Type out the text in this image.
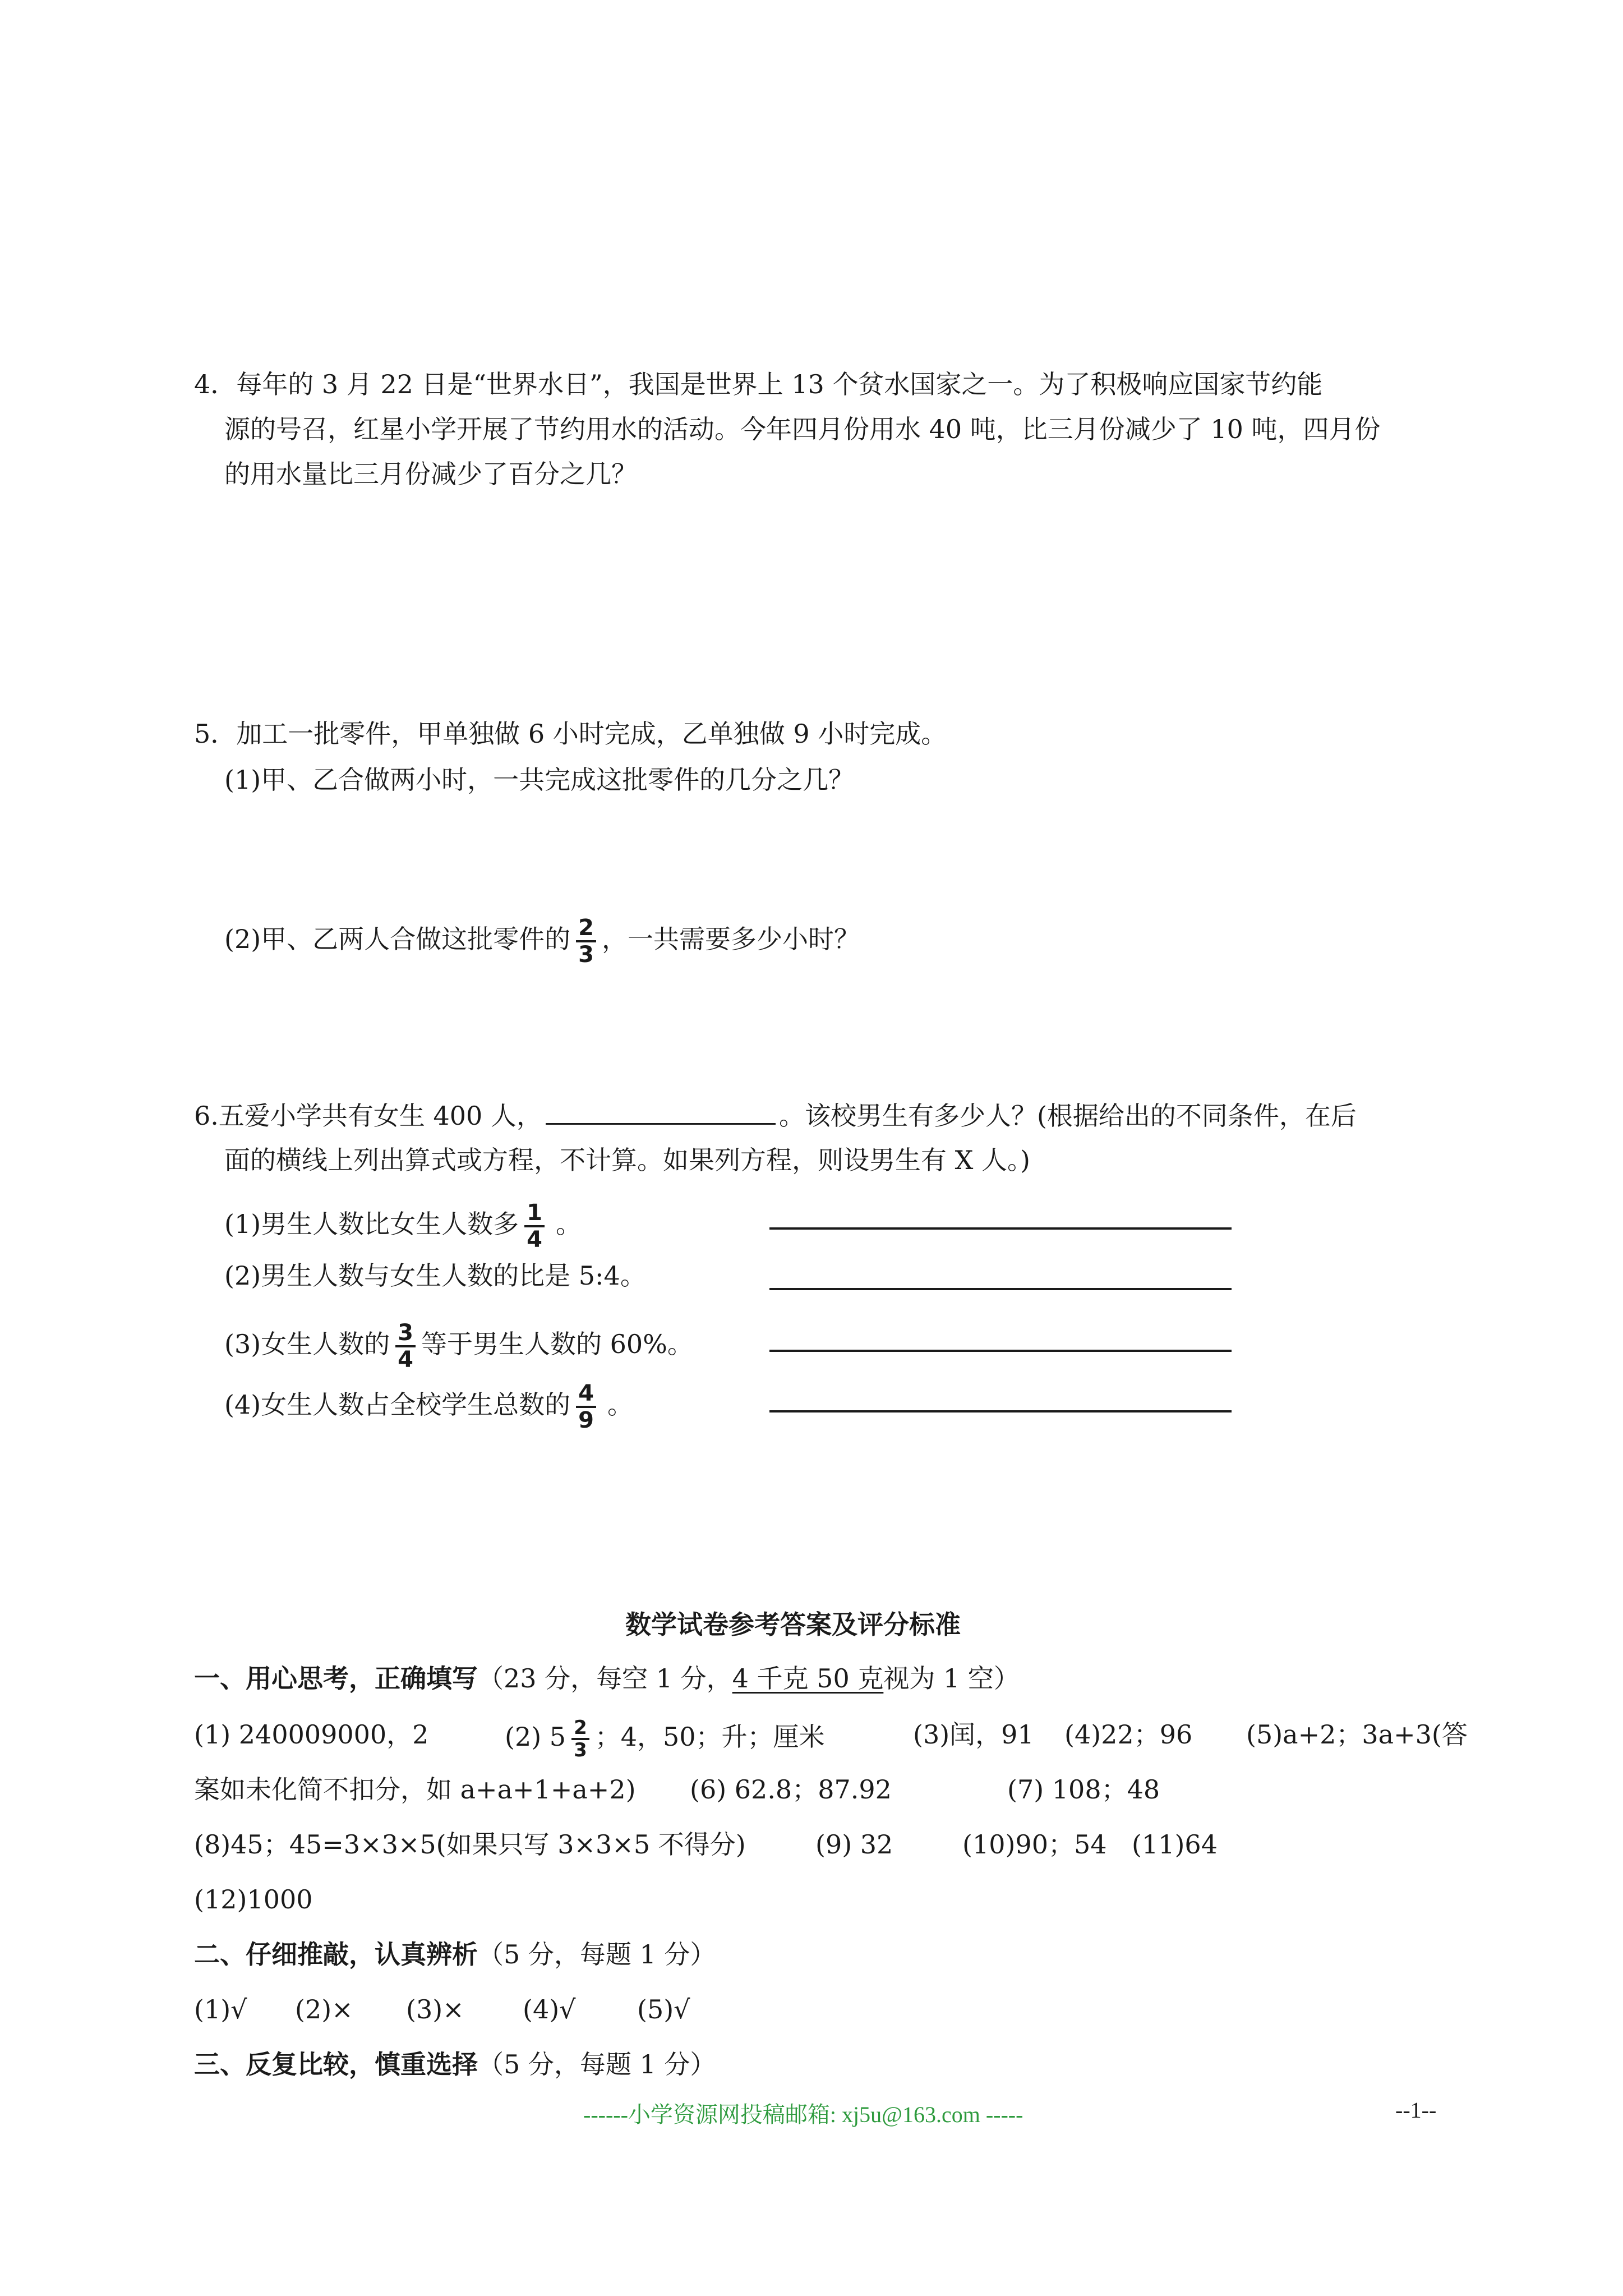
4．每年的 3 月 22 日是“世界水日”，我国是世界上 13 个贫水国家之一。为了积极响应国家节约能
源的号召，红星小学开展了节约用水的活动。今年四月份用水 40 吨，比三月份减少了 10 吨，四月份
的用水量比三月份减少了百分之几？
5．加工一批零件，甲单独做 6 小时完成，乙单独做 9 小时完成。
(1)甲、乙合做两小时，一共完成这批零件的几分之几？
(2)甲、乙两人合做这批零件的 $\frac{2}{3}$ ，一共需要多少小时？
6.五爱小学共有女生 400 人，	。该校男生有多少人？(根据给出的不同条件，在后
面的横线上列出算式或方程，不计算。如果列方程，则设男生有 X 人。)
(1)男生人数比女生人数多 $\frac{1}{4}$ 。
(2)男生人数与女生人数的比是 5:4。
(3)女生人数的 $\frac{3}{4}$ 等于男生人数的 60%。
(4)女生人数占全校学生总数的 $\frac{4}{9}$ 。
数学试卷参考答案及评分标准
一、用心思考，正确填写（23 分，每空 1 分，4 千克 50 克视为 1 空）
(1) 240009000，2	(2) $5 \frac{2}{3}$ ；4，50；升；厘米	(3)闰，91 (4)22；96 (5)a+2；3a+3(答
案如未化简不扣分，如 a+a+1+a+2) (6) 62.8；87.92	(7) 108；48
(8)45；45=3×3×5(如果只写 3×3×5 不得分)	(9) 32	(10)90；54 (11)64
(12)1000
二、仔细推敲，认真辨析（5 分，每题 1 分）
(1)√ (2)× (3)× (4)√ (5)√
三、反复比较，慎重选择（5 分，每题 1 分）
------小学资源网投稿邮箱: xj5u@163.com -----	--1--
